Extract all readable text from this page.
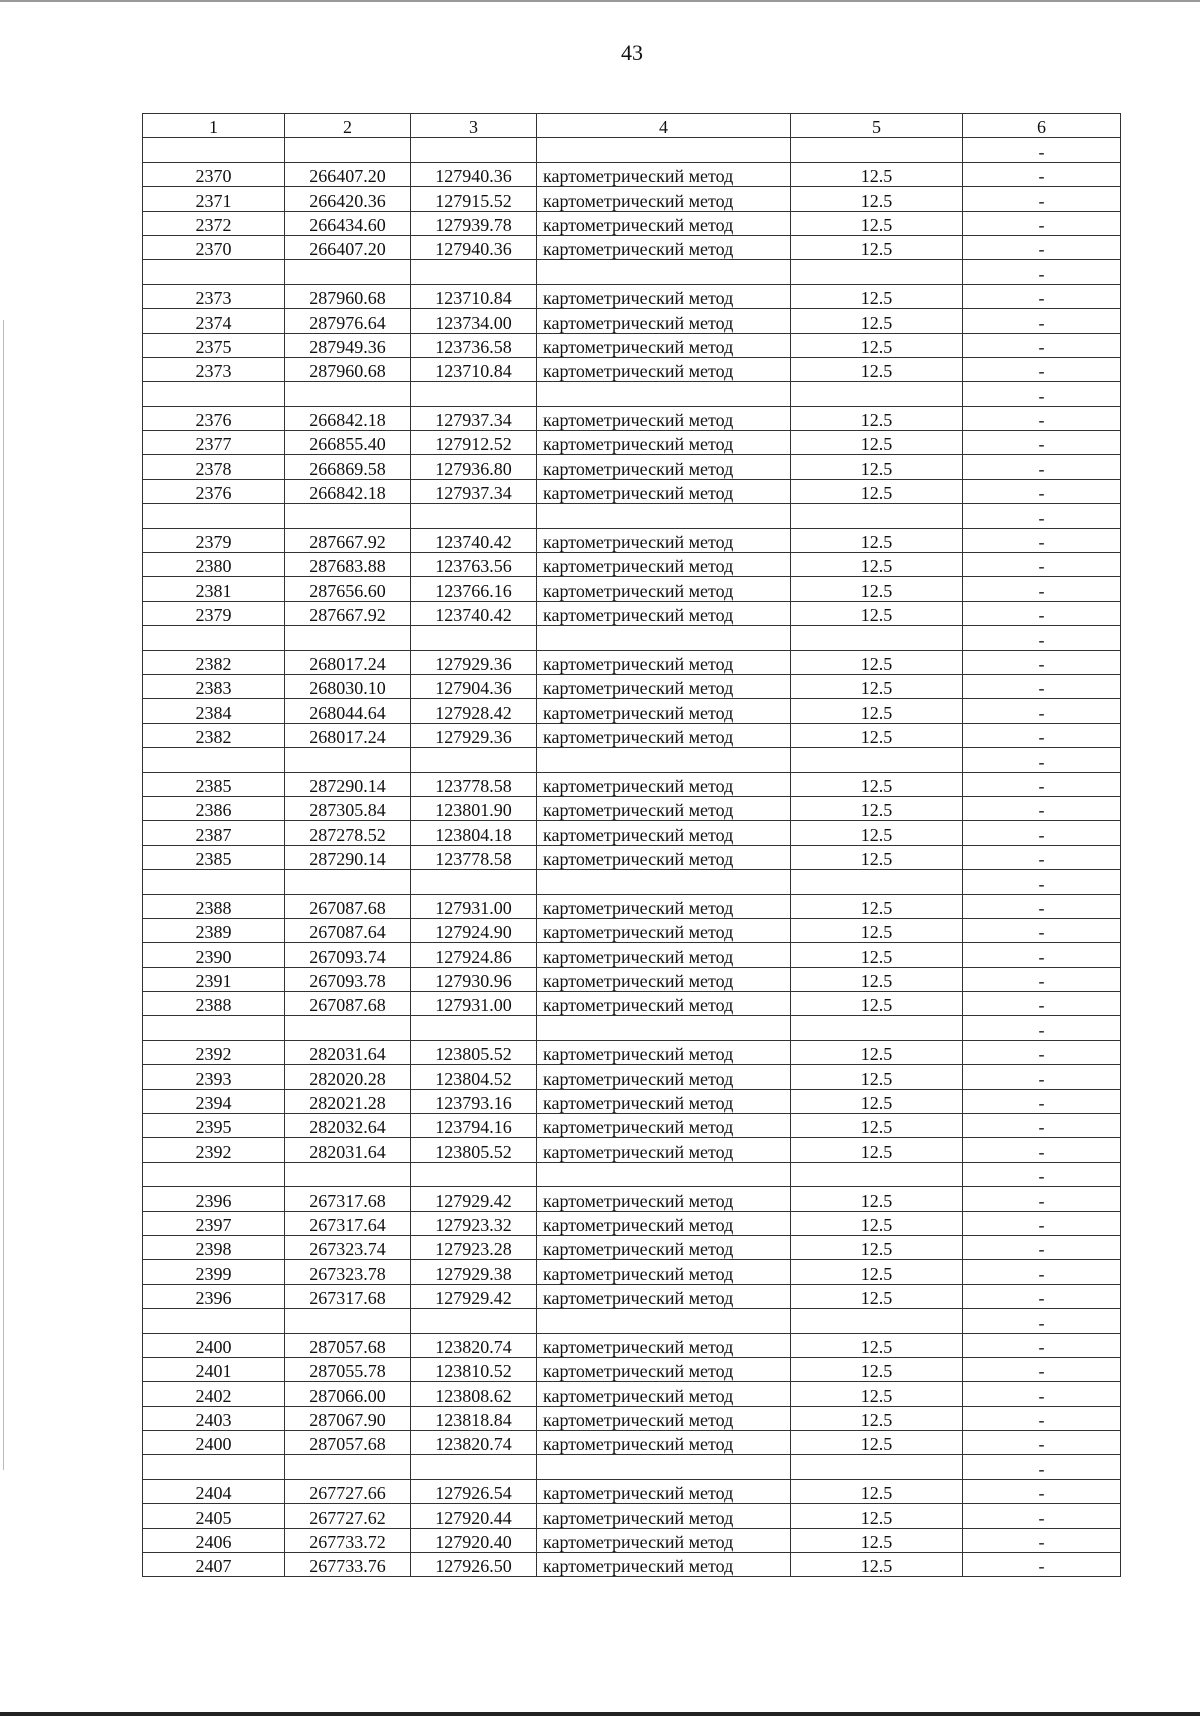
43
1	2	3	4	5	6
					-
2370	266407.20	127940.36	картометрический метод	12.5	-
2371	266420.36	127915.52	картометрический метод	12.5	-
2372	266434.60	127939.78	картометрический метод	12.5	-
2370	266407.20	127940.36	картометрический метод	12.5	-
					-
2373	287960.68	123710.84	картометрический метод	12.5	-
2374	287976.64	123734.00	картометрический метод	12.5	-
2375	287949.36	123736.58	картометрический метод	12.5	-
2373	287960.68	123710.84	картометрический метод	12.5	-
					-
2376	266842.18	127937.34	картометрический метод	12.5	-
2377	266855.40	127912.52	картометрический метод	12.5	-
2378	266869.58	127936.80	картометрический метод	12.5	-
2376	266842.18	127937.34	картометрический метод	12.5	-
					-
2379	287667.92	123740.42	картометрический метод	12.5	-
2380	287683.88	123763.56	картометрический метод	12.5	-
2381	287656.60	123766.16	картометрический метод	12.5	-
2379	287667.92	123740.42	картометрический метод	12.5	-
					-
2382	268017.24	127929.36	картометрический метод	12.5	-
2383	268030.10	127904.36	картометрический метод	12.5	-
2384	268044.64	127928.42	картометрический метод	12.5	-
2382	268017.24	127929.36	картометрический метод	12.5	-
					-
2385	287290.14	123778.58	картометрический метод	12.5	-
2386	287305.84	123801.90	картометрический метод	12.5	-
2387	287278.52	123804.18	картометрический метод	12.5	-
2385	287290.14	123778.58	картометрический метод	12.5	-
					-
2388	267087.68	127931.00	картометрический метод	12.5	-
2389	267087.64	127924.90	картометрический метод	12.5	-
2390	267093.74	127924.86	картометрический метод	12.5	-
2391	267093.78	127930.96	картометрический метод	12.5	-
2388	267087.68	127931.00	картометрический метод	12.5	-
					-
2392	282031.64	123805.52	картометрический метод	12.5	-
2393	282020.28	123804.52	картометрический метод	12.5	-
2394	282021.28	123793.16	картометрический метод	12.5	-
2395	282032.64	123794.16	картометрический метод	12.5	-
2392	282031.64	123805.52	картометрический метод	12.5	-
					-
2396	267317.68	127929.42	картометрический метод	12.5	-
2397	267317.64	127923.32	картометрический метод	12.5	-
2398	267323.74	127923.28	картометрический метод	12.5	-
2399	267323.78	127929.38	картометрический метод	12.5	-
2396	267317.68	127929.42	картометрический метод	12.5	-
					-
2400	287057.68	123820.74	картометрический метод	12.5	-
2401	287055.78	123810.52	картометрический метод	12.5	-
2402	287066.00	123808.62	картометрический метод	12.5	-
2403	287067.90	123818.84	картометрический метод	12.5	-
2400	287057.68	123820.74	картометрический метод	12.5	-
					-
2404	267727.66	127926.54	картометрический метод	12.5	-
2405	267727.62	127920.44	картометрический метод	12.5	-
2406	267733.72	127920.40	картометрический метод	12.5	-
2407	267733.76	127926.50	картометрический метод	12.5	-
